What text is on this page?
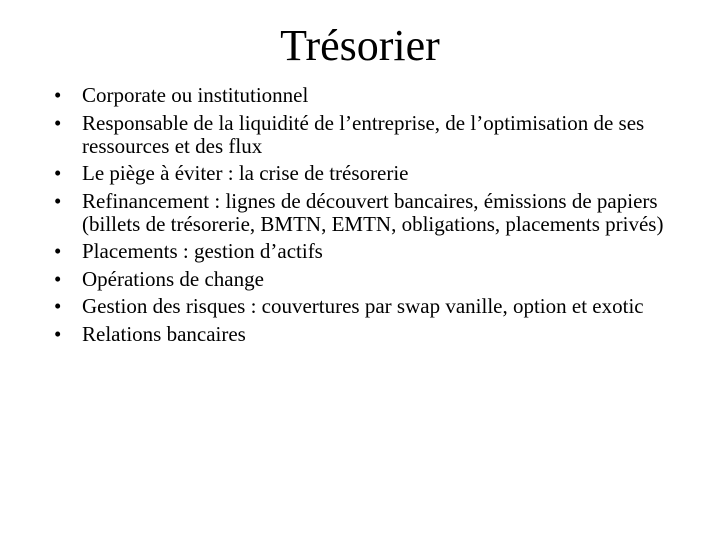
Trésorier
• Corporate ou institutionnel
• Responsable de la liquidité de l’entreprise, de l’optimisation de ses ressources et des flux
• Le piège à éviter : la crise de trésorerie
• Refinancement : lignes de découvert bancaires, émissions de papiers (billets de trésorerie, BMTN, EMTN, obligations, placements privés)
• Placements : gestion d’actifs
• Opérations de change
• Gestion des risques : couvertures par swap vanille, option et exotic
• Relations bancaires
